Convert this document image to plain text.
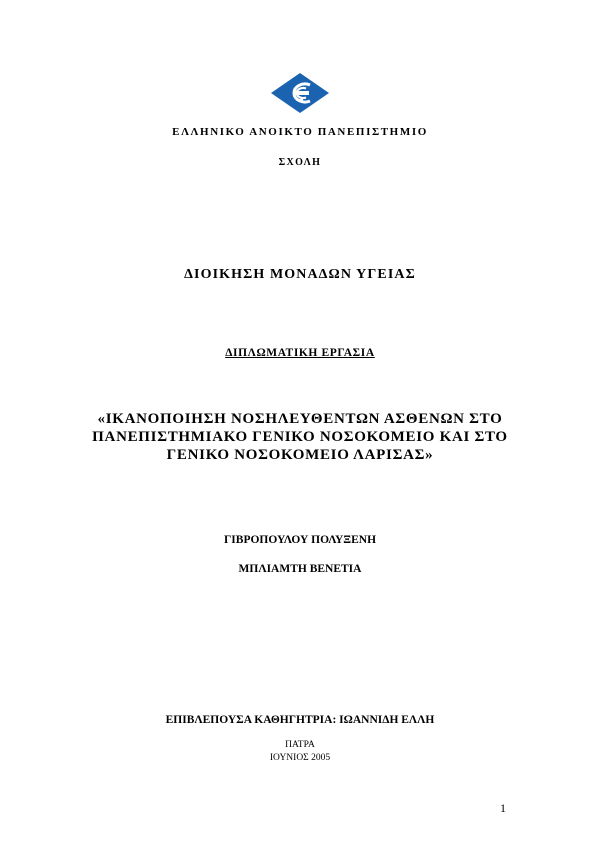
ΕΛΛΗΝΙΚΟ ΑΝΟΙΚΤΟ ΠΑΝΕΠΙΣΤΗΜΙΟ
ΣΧΟΛΗ
ΔΙΟΙΚΗΣΗ ΜΟΝΑΔΩΝ ΥΓΕΙΑΣ
ΔΙΠΛΩΜΑΤΙΚΗ ΕΡΓΑΣΙΑ
«ΙΚΑΝΟΠΟΙΗΣΗ ΝΟΣΗΛΕΥΘΕΝΤΩΝ ΑΣΘΕΝΩΝ ΣΤΟ
ΠΑΝΕΠΙΣΤΗΜΙΑΚΟ ΓΕΝΙΚΟ ΝΟΣΟΚΟΜΕΙΟ ΚΑΙ ΣΤΟ
ΓΕΝΙΚΟ ΝΟΣΟΚΟΜΕΙΟ ΛΑΡΙΣΑΣ»
ΓΙΒΡΟΠΟΥΛΟΥ ΠΟΛΥΞΕΝΗ
ΜΠΛΙΑΜΤΗ ΒΕΝΕΤΙΑ
ΕΠΙΒΛΕΠΟΥΣΑ ΚΑΘΗΓΗΤΡΙΑ: ΙΩΑΝΝΙΔΗ ΕΛΛΗ
ΠΑΤΡΑ
ΙΟΥΝΙΟΣ 2005
1
